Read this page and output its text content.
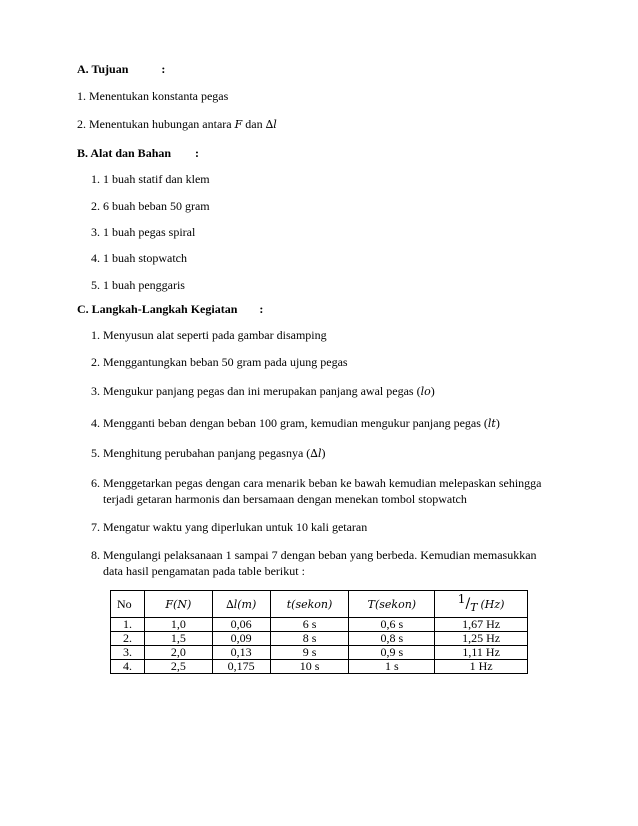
A. Tujuan	:
1. Menentukan konstanta pegas
2. Menentukan hubungan antara F dan ∆l
B. Alat dan Bahan :
1. 1 buah statif dan klem
2. 6 buah beban 50 gram
3. 1 buah pegas spiral
4. 1 buah stopwatch
5. 1 buah penggaris
C. Langkah-Langkah Kegiatan :
1. Menyusun alat seperti pada gambar disamping
2. Menggantungkan beban 50 gram pada ujung pegas
3. Mengukur panjang pegas dan ini merupakan panjang awal pegas (lo)
4. Mengganti beban dengan beban 100 gram, kemudian mengukur panjang pegas (lt)
5. Menghitung perubahan panjang pegasnya (∆l)
6. Menggetarkan pegas dengan cara menarik beban ke bawah kemudian melepaskan sehingga
terjadi getaran harmonis dan bersamaan dengan menekan tombol stopwatch
7. Mengatur waktu yang diperlukan untuk 10 kali getaran
8. Mengulangi pelaksanaan 1 sampai 7 dengan beban yang berbeda. Kemudian memasukkan
data hasil pengamatan pada table berikut :
No	F(N)	∆l(m)	t(sekon)	T(sekon)	1/T (Hz)
1.	1,0	0,06	6 s	0,6 s	1,67 Hz
2.	1,5	0,09	8 s	0,8 s	1,25 Hz
3.	2,0	0,13	9 s	0,9 s	1,11 Hz
4.	2,5	0,175	10 s	1 s	1 Hz
